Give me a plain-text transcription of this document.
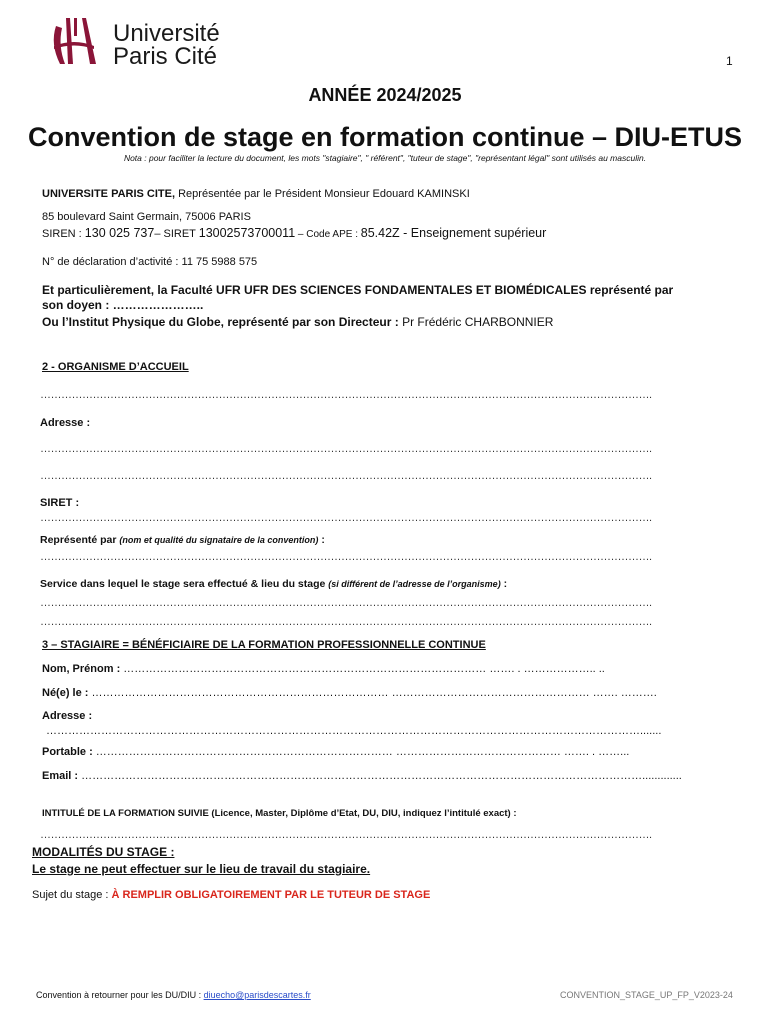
Université
Paris Cité	1
ANNÉE 2024/2025
Convention de stage en formation continue – DIU-ETUS
Nota : pour faciliter la lecture du document, les mots "stagiaire", " référent", "tuteur de stage", "représentant légal" sont utilisés au masculin.
UNIVERSITE PARIS CITE, Représentée par le Président Monsieur Edouard KAMINSKI
85 boulevard Saint Germain, 75006 PARIS
SIREN : 130 025 737– SIRET 13002573700011 – Code APE : 85.42Z - Enseignement supérieur
N° de déclaration d’activité : 11 75 5988 575
Et particulièrement, la Faculté UFR UFR DES SCIENCES FONDAMENTALES ET BIOMÉDICALES représenté par
son doyen : …………………..
Ou l’Institut Physique du Globe, représenté par son Directeur : Pr Frédéric CHARBONNIER
2 - ORGANISME D’ACCUEIL
………………………………………………………………………………………………………………………………………………………….
Adresse :
………………………………………………………………………………………………………………………………………………………….
………………………………………………………………………………………………………………………………………………………….
SIRET :
………………………………………………………………………………………………………………………………………………………….
Représenté par (nom et qualité du signataire de la convention) :
………………………………………………………………………………………………………………………………………………………….
Service dans lequel le stage sera effectué & lieu du stage (si différent de l’adresse de l’organisme) :
………………………………………………………………………………………………………………………………………………………….
………………………………………………………………………………………………………………………………………………………….
3 – STAGIAIRE = BÉNÉFICIAIRE DE LA FORMATION PROFESSIONNELLE CONTINUE
Nom, Prénom : ……………………………………………………………………………………… ……. . ……………….. ..
Né(e) le : ……………………………………………………………………… ……………………………………………… ……. ……….
Adresse :
……………………………………………………………………………………………………………………………………………….......
Portable : ……………………………………………………………………… ……………………………………… ……. . ……...
Email : ……………………………………………………………………………………………………………………………………….............
INTITULÉ DE LA FORMATION SUIVIE (Licence, Master, Diplôme d’Etat, DU, DIU, indiquez l’intitulé exact) :
………………………………………………………………………………………………………………………………………………………….
MODALITÉS DU STAGE :
Le stage ne peut effectuer sur le lieu de travail du stagiaire.
Sujet du stage : À REMPLIR OBLIGATOIREMENT PAR LE TUTEUR DE STAGE
Convention à retourner pour les DU/DIU : diuecho@parisdescartes.fr	CONVENTION_STAGE_UP_FP_V2023-24
